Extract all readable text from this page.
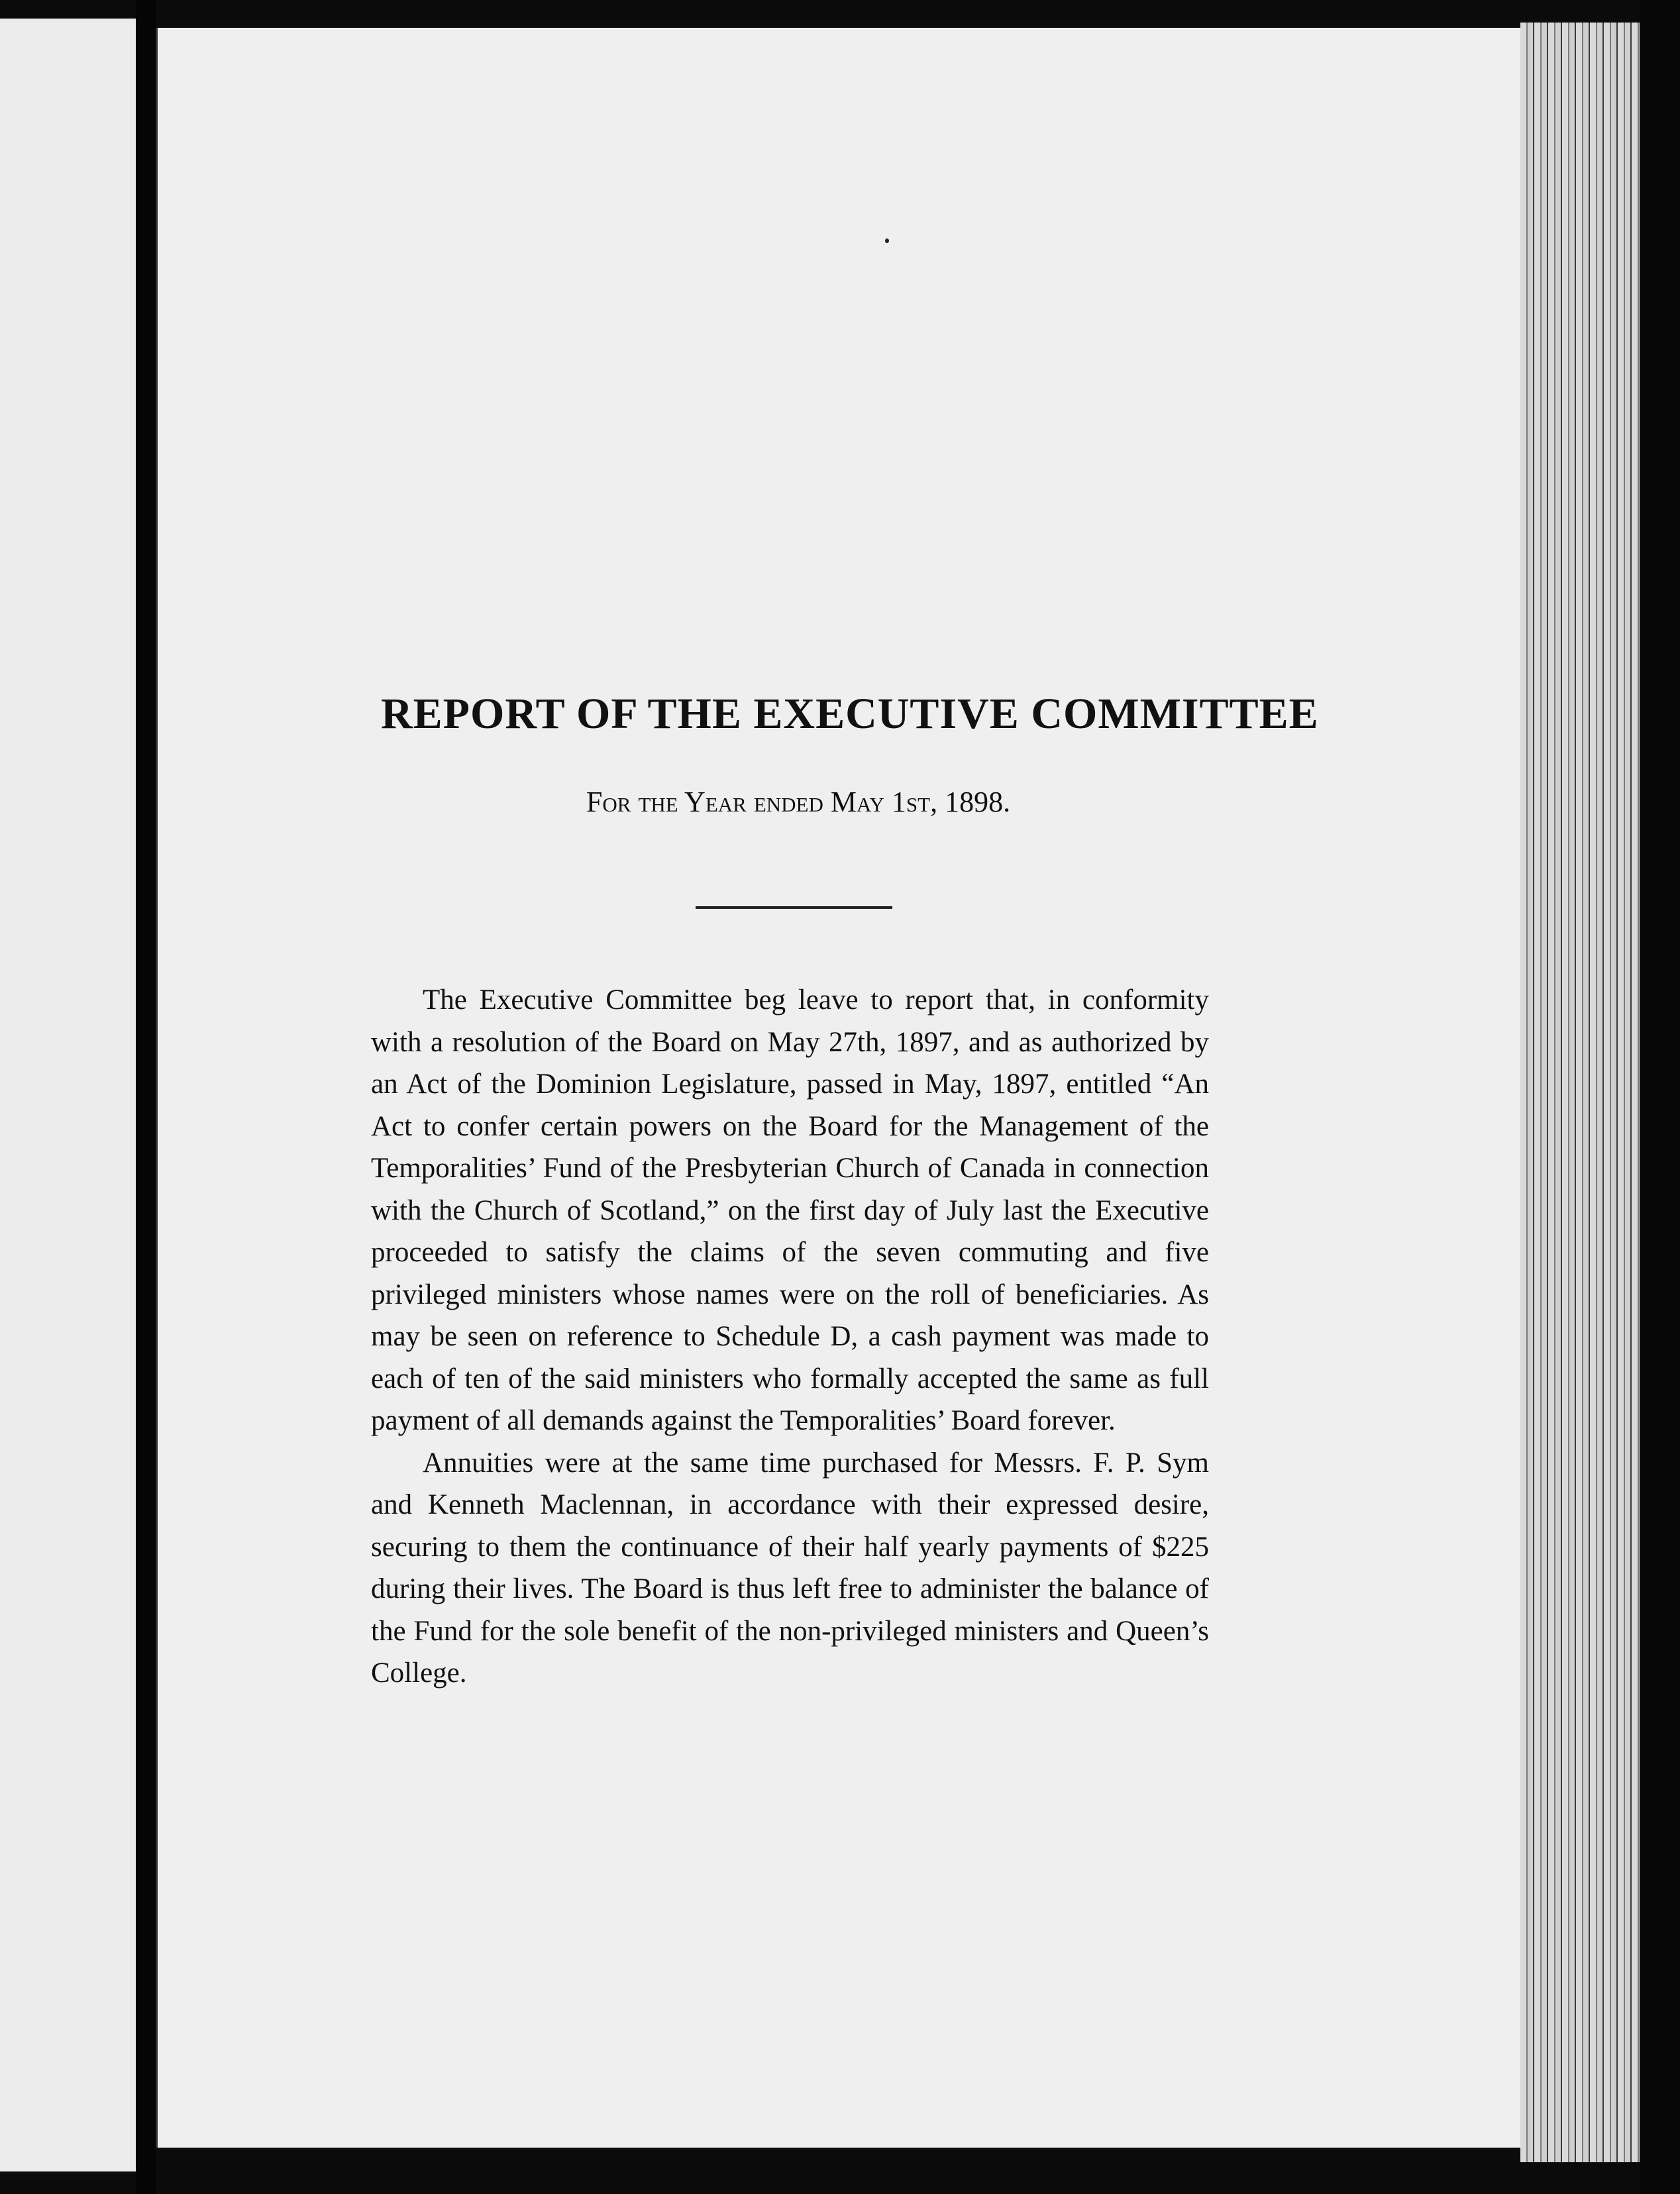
REPORT OF THE EXECUTIVE COMMITTEE
For the Year ended May 1st, 1898.

The Executive Committee beg leave to report that, in conformity with a resolution of the Board on May 27th, 1897, and as authorized by an Act of the Dominion Legislature, passed in May, 1897, entitled “An Act to confer certain powers on the Board for the Management of the Temporalities’ Fund of the Presbyterian Church of Canada in connection with the Church of Scotland,” on the first day of July last the Executive proceeded to satisfy the claims of the seven commuting and five privileged ministers whose names were on the roll of beneficiaries. As may be seen on reference to Schedule D, a cash payment was made to each of ten of the said ministers who formally accepted the same as full payment of all demands against the Temporalities’ Board forever.

Annuities were at the same time purchased for Messrs. F. P. Sym and Kenneth Maclennan, in accordance with their expressed desire, securing to them the continuance of their half yearly payments of $225 during their lives. The Board is thus left free to administer the balance of the Fund for the sole benefit of the non-privileged ministers and Queen’s College.
